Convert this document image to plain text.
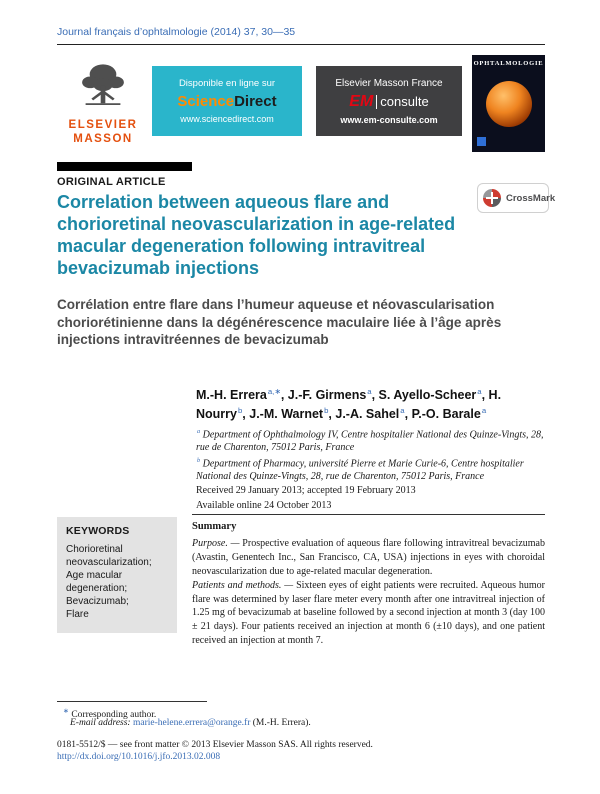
Journal français d’ophtalmologie (2014) 37, 30—35
ELSEVIER
MASSON
Disponible en ligne sur
ScienceDirect
www.sciencedirect.com
Elsevier Masson France
EM consulte
www.em-consulte.com
OPHTALMOLOGIE
ORIGINAL ARTICLE
CrossMark
Correlation between aqueous flare and chorioretinal neovascularization in age-related macular degeneration following intravitreal bevacizumab injections
Corrélation entre flare dans l’humeur aqueuse et néovascularisation choriorétinienne dans la dégénérescence maculaire liée à l’âge après injections intravitréennes de bevacizumab
M.-H. Errera$^{a,∗}$, J.-F. Girmens$^a$, S. Ayello-Scheer$^a$, H. Nourry$^b$, J.-M. Warnet$^b$, J.-A. Sahel$^a$, P.-O. Barale$^a$
$^a$ Department of Ophthalmology IV, Centre hospitalier National des Quinze-Vingts, 28, rue de Charenton, 75012 Paris, France
$^b$ Department of Pharmacy, université Pierre et Marie Curie-6, Centre hospitalier National des Quinze-Vingts, 28, rue de Charenton, 75012 Paris, France
Received 29 January 2013; accepted 19 February 2013
Available online 24 October 2013
KEYWORDS
Chorioretinal neovascularization;
Age macular degeneration;
Bevacizumab;
Flare
Summary

Purpose. — Prospective evaluation of aqueous flare following intravitreal bevacizumab (Avastin, Genentech Inc., San Francisco, CA, USA) injections in eyes with choroidal neovascularization due to age-related macular degeneration.

Patients and methods. — Sixteen eyes of eight patients were recruited. Aqueous humor flare was determined by laser flare meter every month after one intravitreal injection of 1.25 mg of bevacizumab at baseline followed by a second injection at month 3 (day 100 ± 21 days). Four patients received an injection at month 6 (±10 days), and one patient received an injection at month 7.

∗ Corresponding author.
E-mail address: marie-helene.errera@orange.fr (M.-H. Errera).
0181-5512/$ — see front matter © 2013 Elsevier Masson SAS. All rights reserved.
http://dx.doi.org/10.1016/j.jfo.2013.02.008
